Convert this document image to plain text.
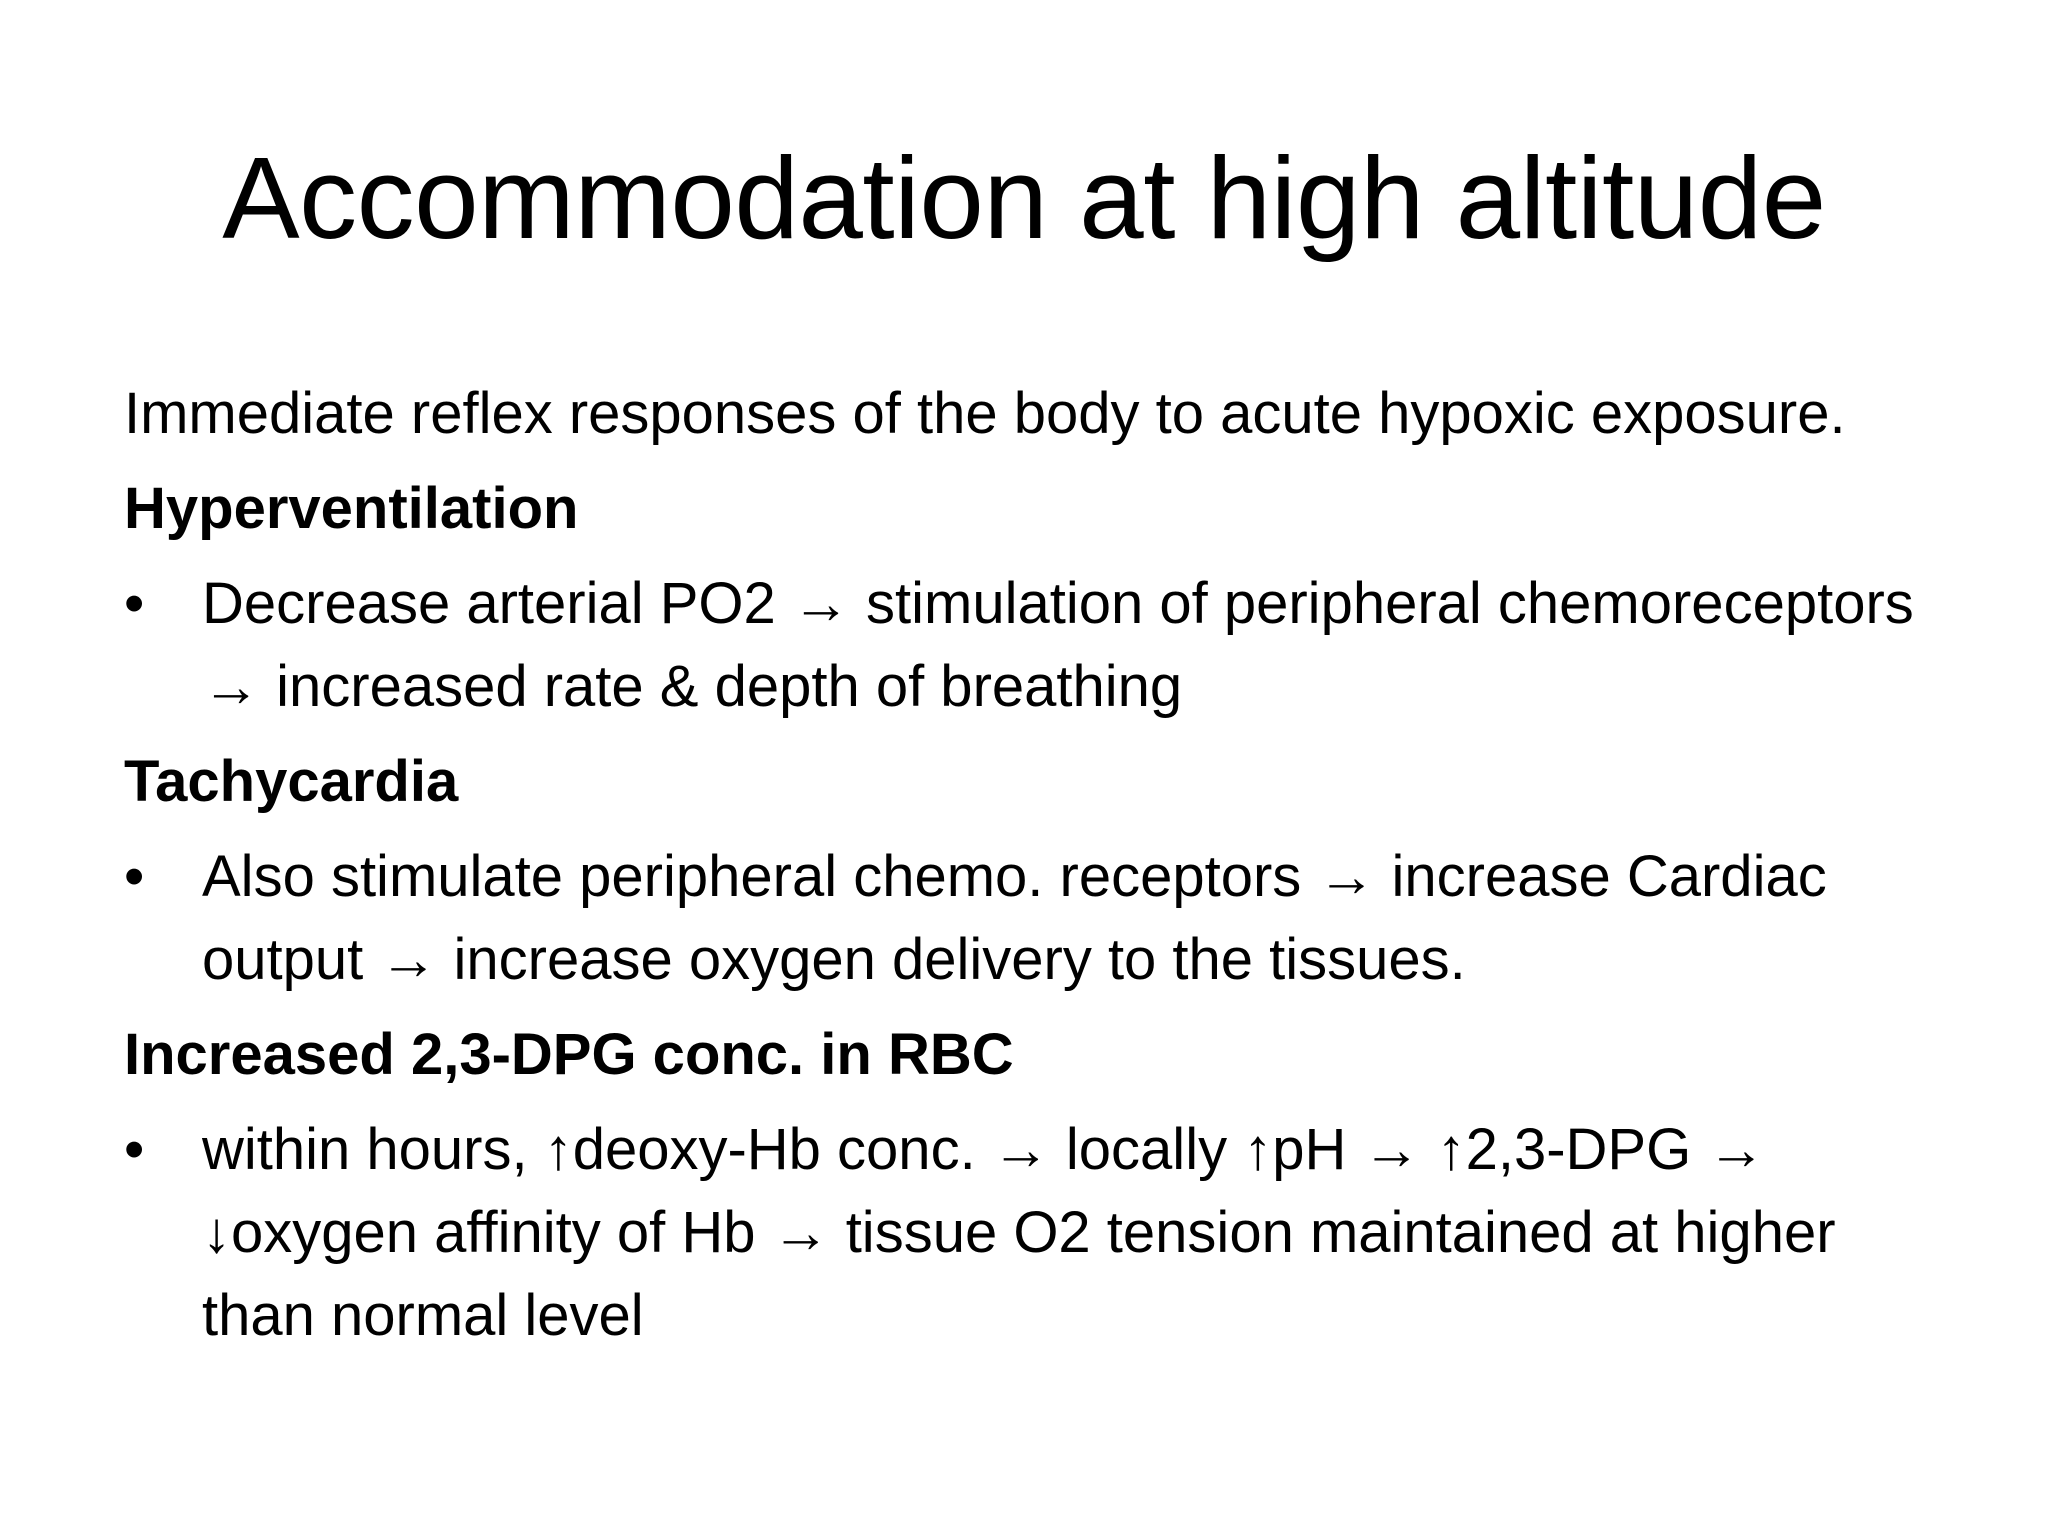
Accommodation at high altitude

Immediate reflex responses of the body to acute hypoxic exposure.

Hyperventilation

• Decrease arterial PO2 → stimulation of peripheral chemoreceptors → increased rate & depth of breathing

Tachycardia

• Also stimulate peripheral chemo. receptors → increase Cardiac output → increase oxygen delivery to the tissues.

Increased 2,3-DPG conc. in RBC

• within hours, ↑deoxy-Hb conc. → locally ↑pH → ↑2,3-DPG → ↓oxygen affinity of Hb → tissue O2 tension maintained at higher than normal level
